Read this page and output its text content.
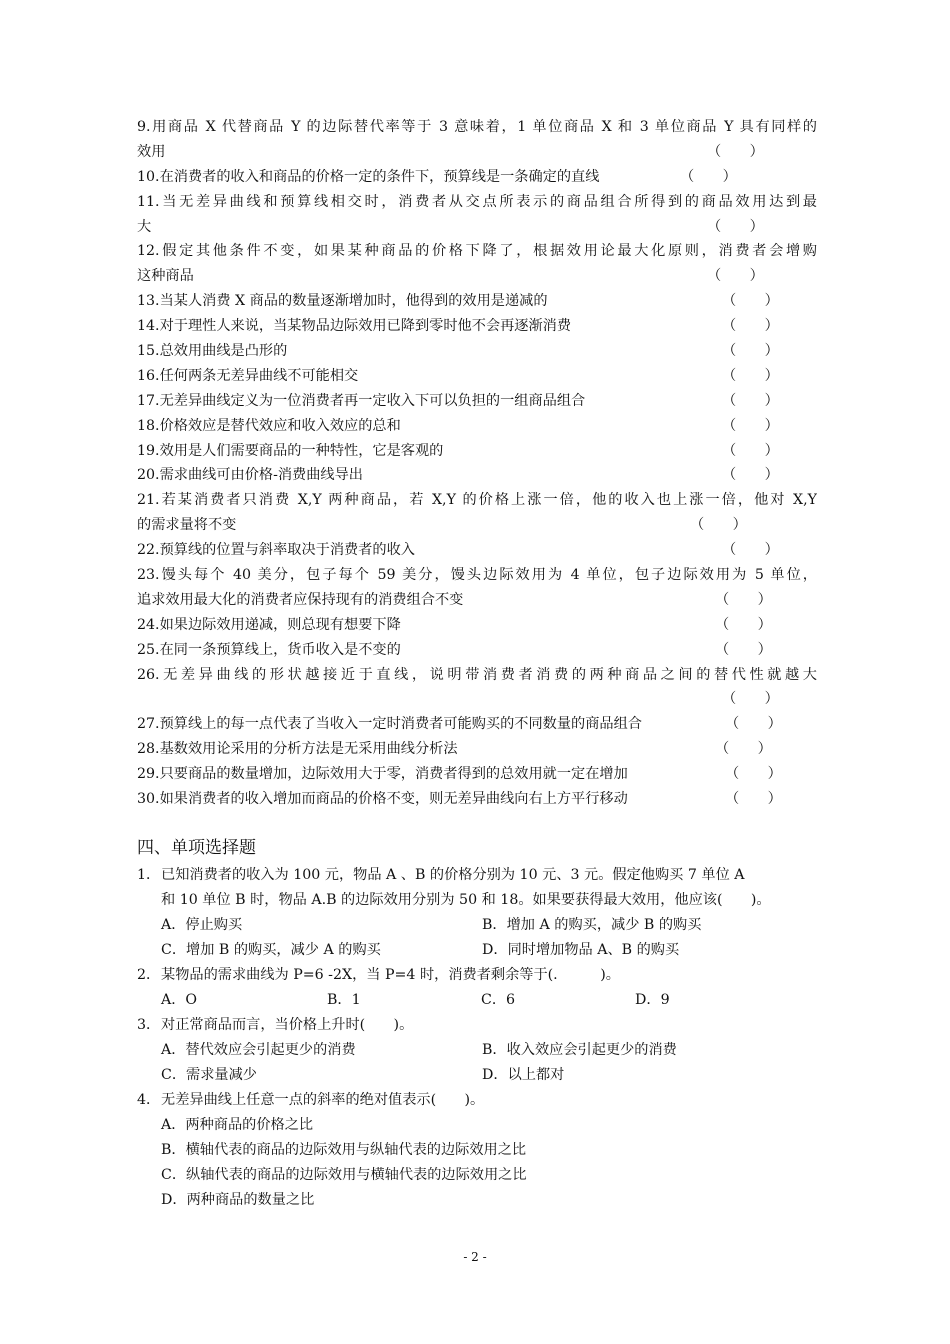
9.用商品 X 代替商品 Y 的边际替代率等于 3 意味着，1 单位商品 X 和 3 单位商品 Y 具有同样的
效用	（　　）
10.在消费者的收入和商品的价格一定的条件下，预算线是一条确定的直线	（　　）
11.当无差异曲线和预算线相交时，消费者从交点所表示的商品组合所得到的商品效用达到最
大	（　　）
12.假定其他条件不变，如果某种商品的价格下降了，根据效用论最大化原则，消费者会增购
这种商品	（　　）
13.当某人消费 X 商品的数量逐渐增加时，他得到的效用是递减的	（　　）
14.对于理性人来说，当某物品边际效用已降到零时他不会再逐渐消费	（　　）
15.总效用曲线是凸形的	（　　）
16.任何两条无差异曲线不可能相交	（　　）
17.无差异曲线定义为一位消费者再一定收入下可以负担的一组商品组合	（　　）
18.价格效应是替代效应和收入效应的总和	（　　）
19.效用是人们需要商品的一种特性，它是客观的	（　　）
20.需求曲线可由价格-消费曲线导出	（　　）
21.若某消费者只消费 X,Y 两种商品，若 X,Y 的价格上涨一倍，他的收入也上涨一倍，他对 X,Y
的需求量将不变	（　　）
22.预算线的位置与斜率取决于消费者的收入	（　　）
23.馒头每个 40 美分，包子每个 59 美分，馒头边际效用为 4 单位，包子边际效用为 5 单位，
追求效用最大化的消费者应保持现有的消费组合不变	（　　）
24.如果边际效用递减，则总现有想要下降	（　　）
25.在同一条预算线上，货币收入是不变的	（　　）
26.无差异曲线的形状越接近于直线，说明带消费者消费的两种商品之间的替代性就越大
（　　）
27.预算线上的每一点代表了当收入一定时消费者可能购买的不同数量的商品组合	（　　）
28.基数效用论采用的分析方法是无采用曲线分析法	（　　）
29.只要商品的数量增加，边际效用大于零，消费者得到的总效用就一定在增加	（　　）
30.如果消费者的收入增加而商品的价格不变，则无差异曲线向右上方平行移动	（　　）
四、单项选择题
1． 已知消费者的收入为 100 元，物品 A 、B 的价格分别为 10 元、3 元。假定他购买 7 单位 A
和 10 单位 B 时，物品 A.B 的边际效用分别为 50 和 18。如果要获得最大效用，他应该(　　)。
A．停止购买	B．增加 A 的购买，减少 B 的购买
C．增加 B 的购买，减少 A 的购买	D．同时增加物品 A、B 的购买
2． 某物品的需求曲线为 P=6 -2X，当 P=4 时，消费者剩余等于(.　　　)。
A．O	B．1	C．6	D．9
3． 对正常商品而言，当价格上升时(　　)。
A．替代效应会引起更少的消费	B．收入效应会引起更少的消费
C．需求量减少	D．以上都对
4． 无差异曲线上任意一点的斜率的绝对值表示(　　)。
A．两种商品的价格之比
B．横轴代表的商品的边际效用与纵轴代表的边际效用之比
C．纵轴代表的商品的边际效用与横轴代表的边际效用之比
D．两种商品的数量之比
- 2 -
